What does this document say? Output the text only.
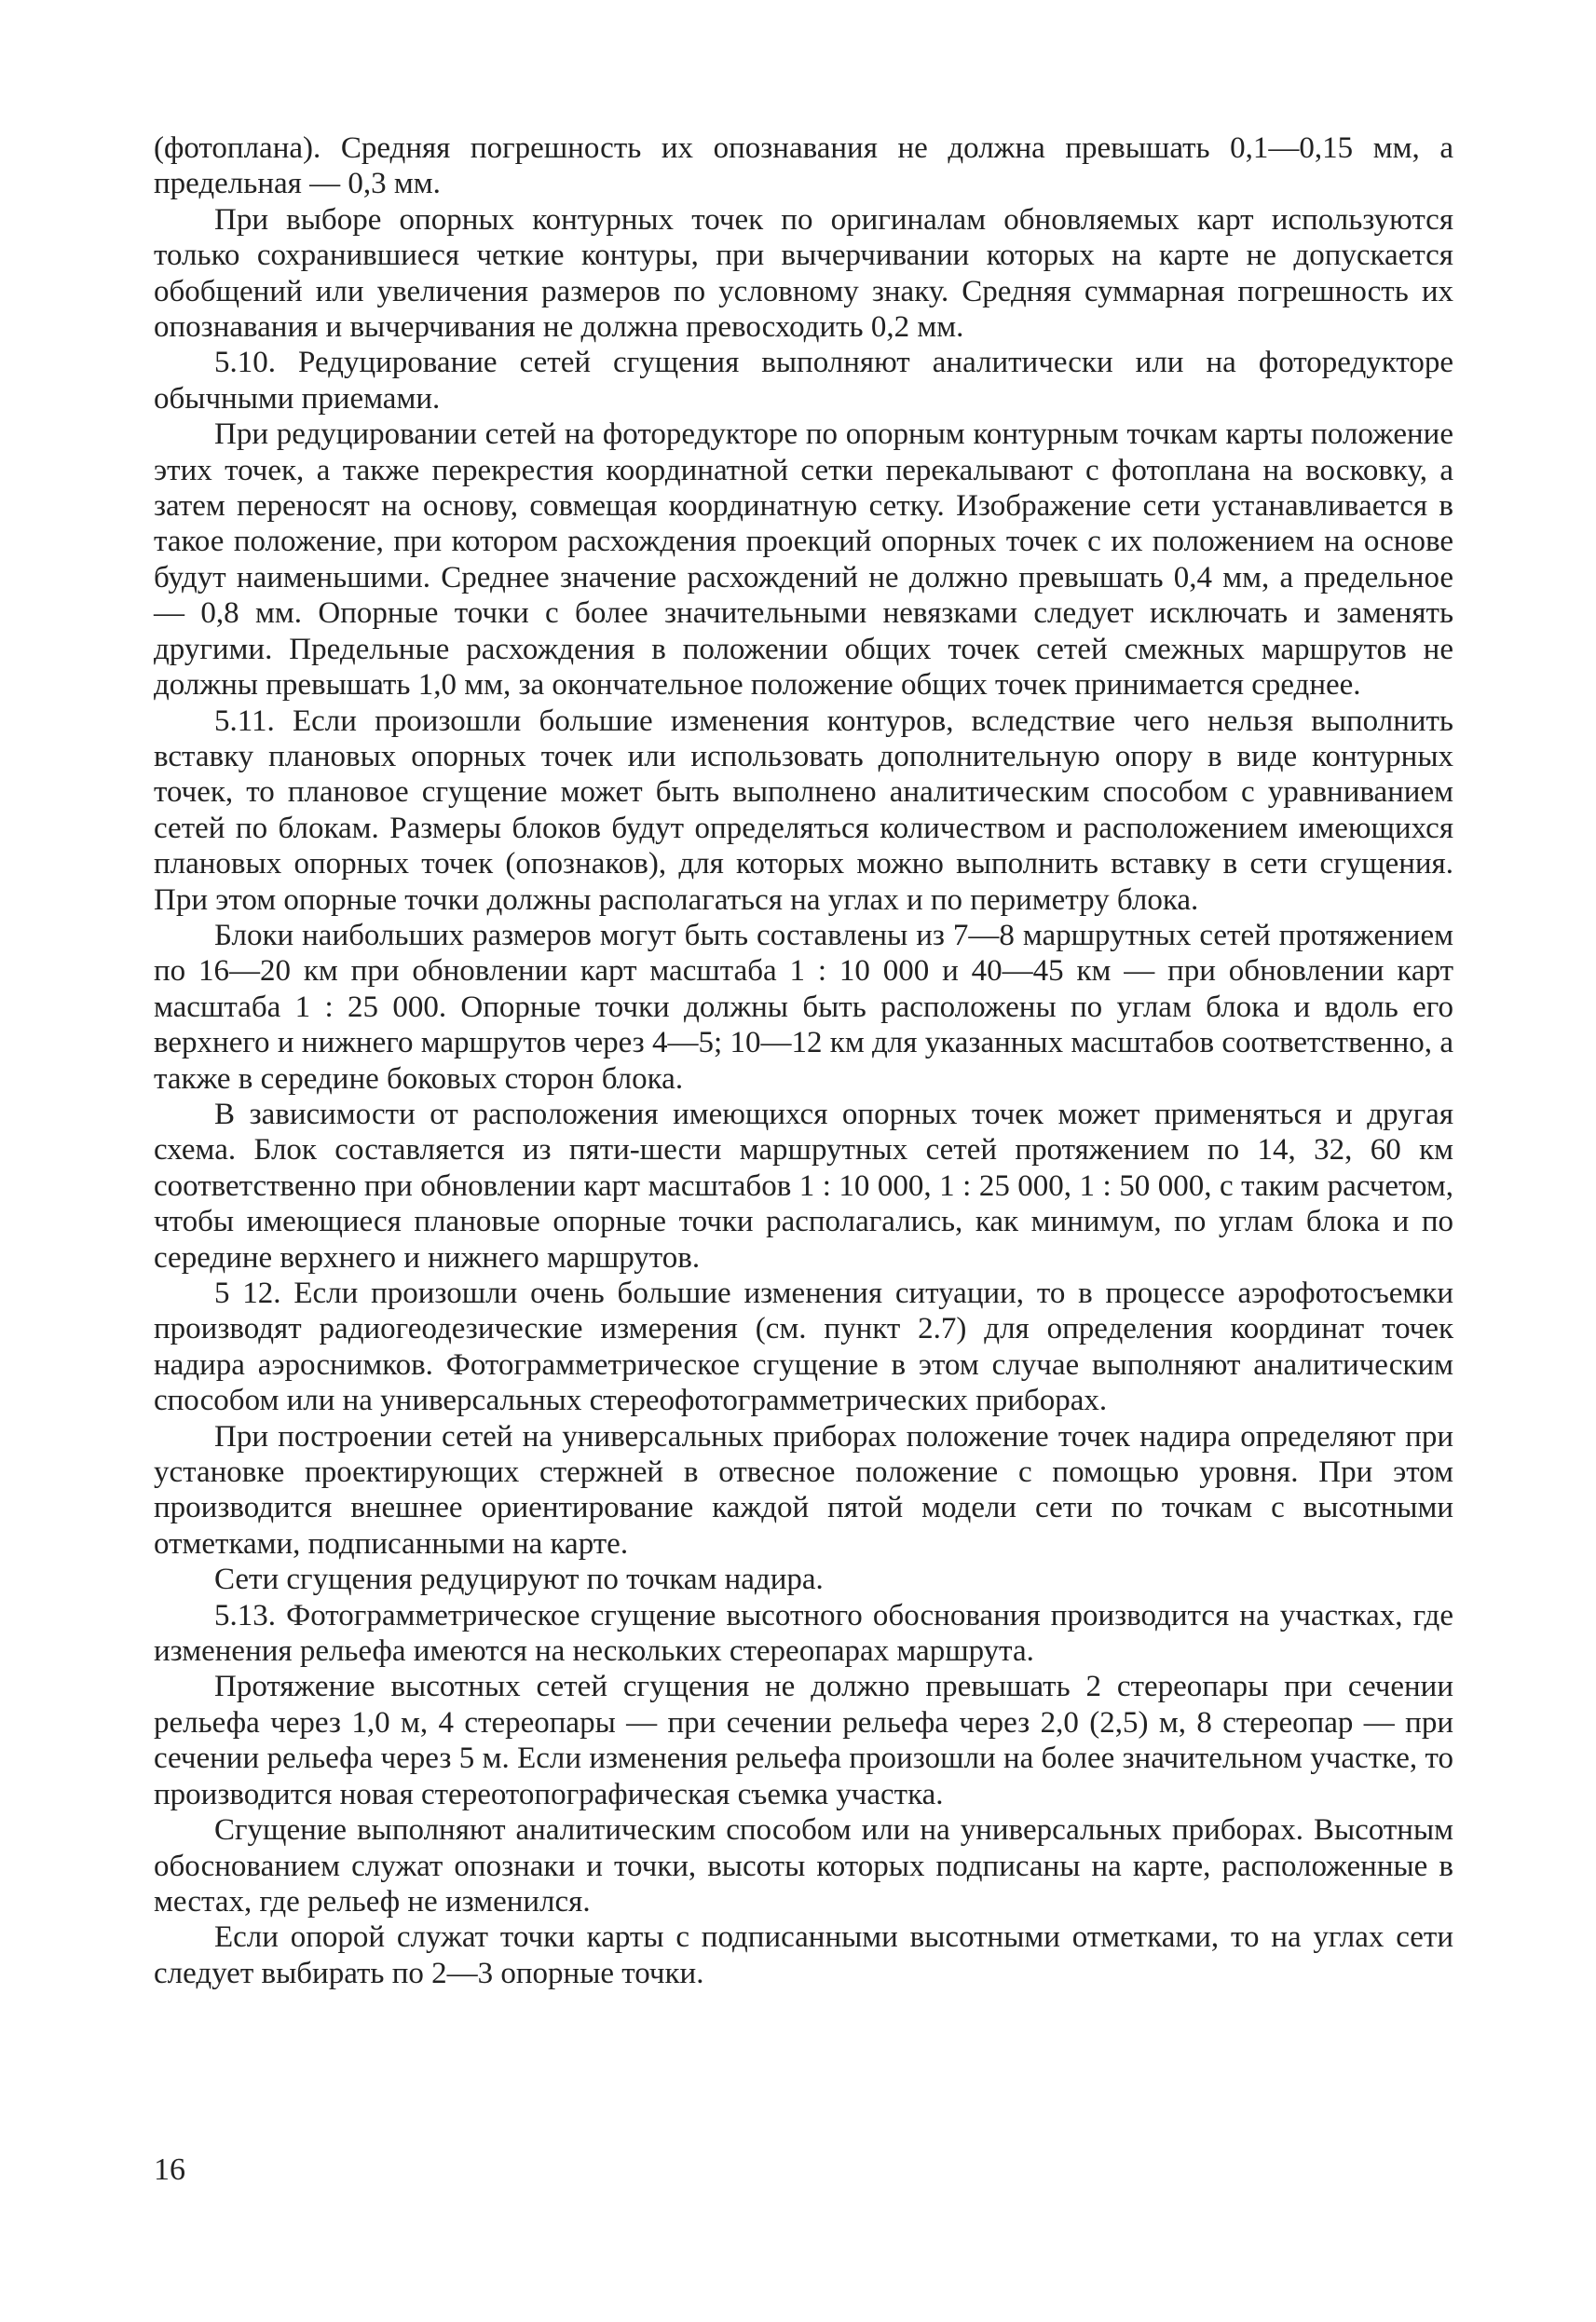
(фотоплана). Средняя погрешность их опознавания не должна превышать 0,1—0,15 мм, а предельная — 0,3 мм.

При выборе опорных контурных точек по оригиналам обновляемых карт используются только сохранившиеся четкие контуры, при вычерчивании которых на карте не допускается обобщений или увеличения размеров по условному знаку. Средняя суммарная погрешность их опознавания и вычерчивания не должна превосходить 0,2 мм.

5.10. Редуцирование сетей сгущения выполняют аналитически или на фоторедукторе обычными приемами.

При редуцировании сетей на фоторедукторе по опорным контурным точкам карты положение этих точек, а также перекрестия координатной сетки перекалывают с фотоплана на восковку, а затем переносят на основу, совмещая координатную сетку. Изображение сети устанавливается в такое положение, при котором расхождения проекций опорных точек с их положением на основе будут наименьшими. Среднее значение расхождений не должно превышать 0,4 мм, а предельное — 0,8 мм. Опорные точки с более значительными невязками следует исключать и заменять другими. Предельные расхождения в положении общих точек сетей смежных маршрутов не должны превышать 1,0 мм, за окончательное положение общих точек принимается среднее.

5.11. Если произошли большие изменения контуров, вследствие чего нельзя выполнить вставку плановых опорных точек или использовать дополнительную опору в виде контурных точек, то плановое сгущение может быть выполнено аналитическим способом с уравниванием сетей по блокам. Размеры блоков будут определяться количеством и расположением имеющихся плановых опорных точек (опознаков), для которых можно выполнить вставку в сети сгущения. При этом опорные точки должны располагаться на углах и по периметру блока.

Блоки наибольших размеров могут быть составлены из 7—8 маршрутных сетей протяжением по 16—20 км при обновлении карт масштаба 1 : 10 000 и 40—45 км — при обновлении карт масштаба 1 : 25 000. Опорные точки должны быть расположены по углам блока и вдоль его верхнего и нижнего маршрутов через 4—5; 10—12 км для указанных масштабов соответственно, а также в середине боковых сторон блока.

В зависимости от расположения имеющихся опорных точек может применяться и другая схема. Блок составляется из пяти-шести маршрутных сетей протяжением по 14, 32, 60 км соответственно при обновлении карт масштабов 1 : 10 000, 1 : 25 000, 1 : 50 000, с таким расчетом, чтобы имеющиеся плановые опорные точки располагались, как минимум, по углам блока и по середине верхнего и нижнего маршрутов.

5 12. Если произошли очень большие изменения ситуации, то в процессе аэрофотосъемки производят радиогеодезические измерения (см. пункт 2.7) для определения координат точек надира аэроснимков. Фотограмметрическое сгущение в этом случае выполняют аналитическим способом или на универсальных стереофотограмметрических приборах.

При построении сетей на универсальных приборах положение точек надира определяют при установке проектирующих стержней в отвесное положение с помощью уровня. При этом производится внешнее ориентирование каждой пятой модели сети по точкам с высотными отметками, подписанными на карте.

Сети сгущения редуцируют по точкам надира.

5.13. Фотограмметрическое сгущение высотного обоснования производится на участках, где изменения рельефа имеются на нескольких стереопарах маршрута.

Протяжение высотных сетей сгущения не должно превышать 2 стереопары при сечении рельефа через 1,0 м, 4 стереопары — при сечении рельефа через 2,0 (2,5) м, 8 стереопар — при сечении рельефа через 5 м. Если изменения рельефа произошли на более значительном участке, то производится новая стереотопографическая съемка участка.

Сгущение выполняют аналитическим способом или на универсальных приборах. Высотным обоснованием служат опознаки и точки, высоты которых подписаны на карте, расположенные в местах, где рельеф не изменился.

Если опорой служат точки карты с подписанными высотными отметками, то на углах сети следует выбирать по 2—3 опорные точки.

16
